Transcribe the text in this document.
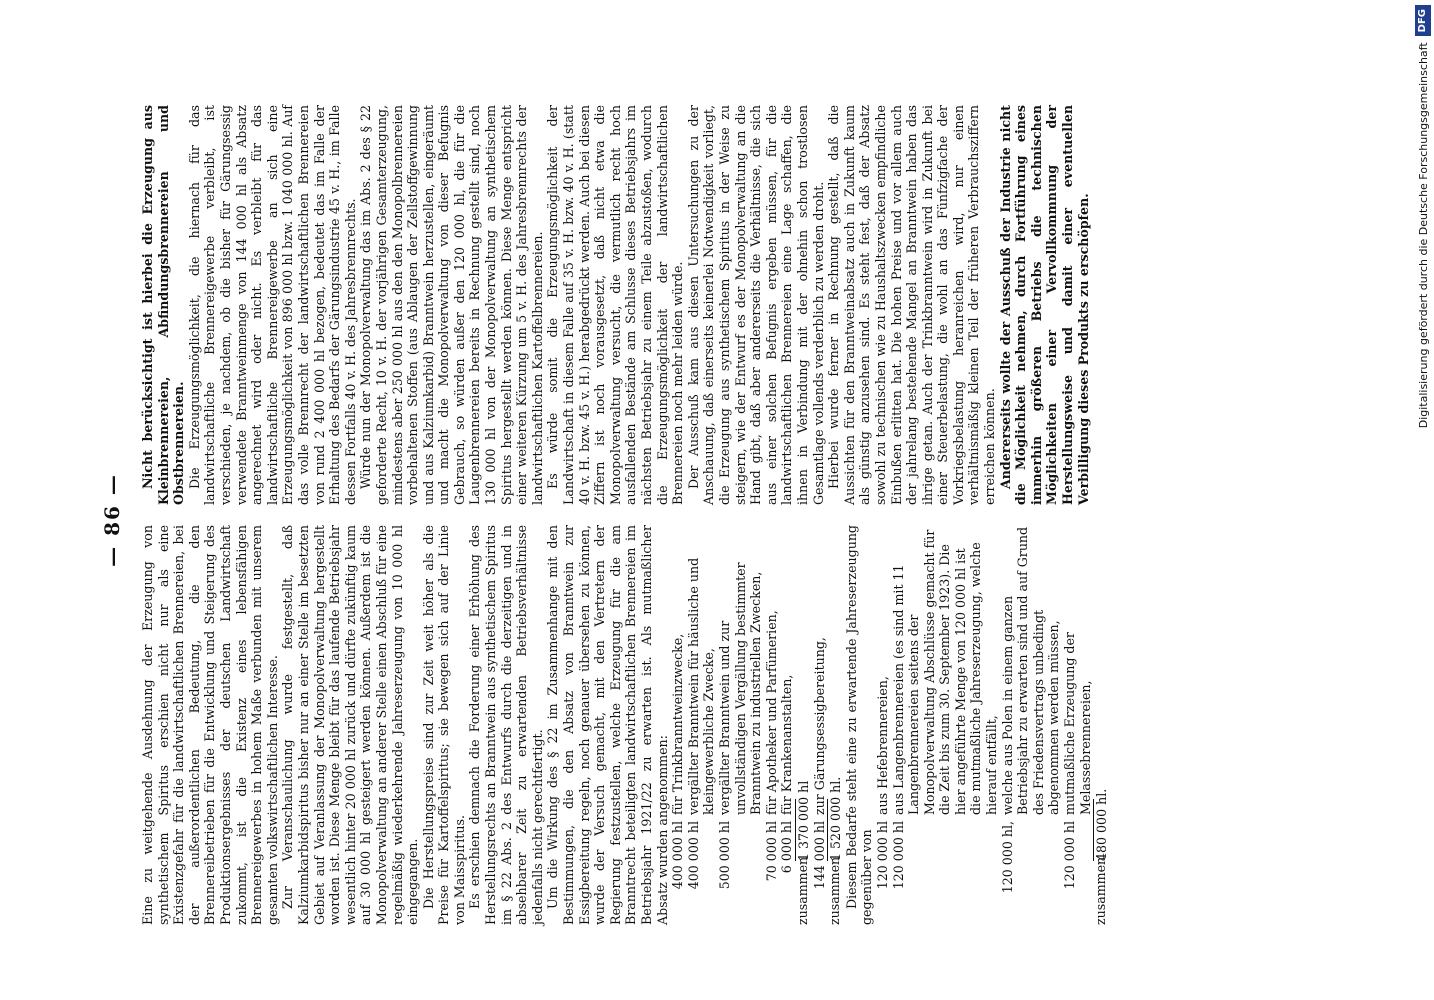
— 86 —

Eine zu weitgehende Ausdehnung der Erzeugung von synthetischem Spiritus erschien nicht nur als eine Existenzgefahr für die landwirtschaftlichen Brennereien, bei der außerordentlichen Bedeutung, die den Brennereibetrieben für die Entwicklung und Steigerung des Produktionsergebnisses der deutschen Landwirtschaft zukommt, ist die Existenz eines lebensfähigen Brennereigewerbes in hohem Maße verbunden mit unserem gesamten volkswirtschaftlichen Interesse. Zur Veranschaulichung wurde festgestellt, daß Kalziumkarbidspiritus bisher nur an einer Stelle im besetzten Gebiet auf Veranlassung der Monopolverwaltung hergestellt worden ist. Diese Menge bleibt für das laufende Betriebsjahr wesentlich hinter 20 000 hl zurück und dürfte zukünftig kaum auf 30 000 hl gesteigert werden können. Außerdem ist die Monopolverwaltung an anderer Stelle einen Abschluß für eine regelmäßig wiederkehrende Jahreserzeugung von 10 000 hl eingegangen. Die Herstellungspreise sind zur Zeit weit höher als die Preise für Kartoffelspiritus; sie bewegen sich auf der Linie von Maisspiritus. Es erschien demnach die Forderung einer Erhöhung des Herstellungsrechts an Branntwein aus synthetischem Spiritus im § 22 Abs. 2 des Entwurfs durch die derzeitigen und in absehbarer Zeit zu erwartenden Betriebsverhältnisse jedenfalls nicht gerechtfertigt. Um die Wirkung des § 22 im Zusammenhange mit den Bestimmungen, die den Absatz von Branntwein zur Essigbereitung regeln, noch genauer übersehen zu können, wurde der Versuch gemacht, mit den Vertretern der Regierung festzustellen, welche Erzeugung für die am Branntrecht beteiligten landwirtschaftlichen Brennereien im Betriebsjahr 1921/22 zu erwarten ist. Als mutmaßlicher Absatz wurden angenommen: 400 000 hl
für Trinkbranntweinzwecke,
400 000 hl
vergällter Branntwein für häusliche und kleingewerbliche Zwecke,
500 000 hl
vergällter Branntwein und zur unvollständigen Vergällung bestimmter Branntwein zu industriellen Zwecken,
70 000 hl
für Apotheker und Parfümerien,
6 000 hl
für Krankenanstalten,
zusammen
1 370 000 hl 144 000 hl
zur Gärungsessigbereitung,
zusammen
1 520 000 hl. Diesem Bedarfe steht eine zu erwartende Jahreserzeugung gegenüber von 120 000 hl
aus Hefebrennereien,
120 000 hl
aus Langenbrennereien (es sind mit 11 Langenbrennereien seitens der Monopolverwaltung Abschlüsse gemacht für die Zeit bis zum 30. September 1923). Die hier angeführte Menge von 120 000 hl ist die mutmaßliche Jahreserzeugung, welche hierauf entfällt,
120 000 hl,
welche aus Polen in einem ganzen Betriebsjahr zu erwarten sind und auf Grund des Friedensvertrags unbedingt abgenommen werden müssen,
120 000 hl
mutmaßliche Erzeugung der Melassebrennereien,
zusammen
480 000 hl.

Nicht berücksichtigt ist hierbei die Erzeugung aus Kleinbrennereien, Abfindungsbrennereien und Obstbrennereien. Die Erzeugungsmöglichkeit, die hiernach für das landwirtschaftliche Brennereigewerbe verbleibt, ist verschieden, je nachdem, ob die bisher für Gärungsessig verwendete Branntweinmenge von 144 000 hl als Absatz angerechnet wird oder nicht. Es verbleibt für das landwirtschaftliche Brennereigewerbe an sich eine Erzeugungsmöglichkeit von 896 000 hl bzw. 1 040 000 hl. Auf das volle Brennrecht der landwirtschaftlichen Brennereien von rund 2 400 000 hl bezogen, bedeutet das im Falle der Erhaltung des Bedarfs der Gärungsindustrie 45 v. H., im Falle dessen Fortfalls 40 v. H. des Jahresbrennrechts. Würde nun der Monopolverwaltung das im Abs. 2 des § 22 geforderte Recht, 10 v. H. der vorjährigen Gesamterzeugung, mindestens aber 250 000 hl aus den den Monopolbrennereien vorbehaltenen Stoffen (aus Ablaugen der Zellstoffgewinnung und aus Kalziumkarbid) Branntwein herzustellen, eingeräumt und macht die Monopolverwaltung von dieser Befugnis Gebrauch, so würden außer den 120 000 hl, die für die Laugenbrennereien bereits in Rechnung gestellt sind, noch 130 000 hl von der Monopolverwaltung an synthetischem Spiritus hergestellt werden können. Diese Menge entspricht einer weiteren Kürzung um 5 v. H. des Jahresbrennrechts der landwirtschaftlichen Kartoffelbrennereien. Es würde somit die Erzeugungsmöglichkeit der Landwirtschaft in diesem Falle auf 35 v. H. bzw. 40 v. H. (statt 40 v. H. bzw. 45 v. H.) herabgedrückt werden. Auch bei diesen Ziffern ist noch vorausgesetzt, daß nicht etwa die Monopolverwaltung versucht, die vermutlich recht hoch ausfallenden Bestände am Schlusse dieses Betriebsjahrs im nächsten Betriebsjahr zu einem Teile abzustoßen, wodurch die Erzeugungsmöglichkeit der landwirtschaftlichen Brennereien noch mehr leiden würde. Der Ausschuß kam aus diesen Untersuchungen zu der Anschauung, daß einerseits keinerlei Notwendigkeit vorliegt, die Erzeugung aus synthetischem Spiritus in der Weise zu steigern, wie der Entwurf es der Monopolverwaltung an die Hand gibt, daß aber andererseits die Verhältnisse, die sich aus einer solchen Befugnis ergeben müssen, für die landwirtschaftlichen Brennereien eine Lage schaffen, die ihnen in Verbindung mit der ohnehin schon trostlosen Gesamtlage vollends verderblich zu werden droht. Hierbei wurde ferner in Rechnung gestellt, daß die Aussichten für den Branntweinabsatz auch in Zukunft kaum als günstig anzusehen sind. Es steht fest, daß der Absatz sowohl zu technischen wie zu Haushaltszwecken empfindliche Einbußen erlitten hat. Die hohen Preise und vor allem auch der jahrelang bestehende Mangel an Branntwein haben das ihrige getan. Auch der Trinkbranntwein wird in Zukunft bei einer Steuerbelastung, die wohl an das Fünfzigfache der Vorkriegsbelastung heranreichen wird, nur einen verhältnismäßig kleinen Teil der früheren Verbrauchsziffern erreichen können. Andererseits wollte der Ausschuß der Industrie nicht die Möglichkeit nehmen, durch Fortführung eines immerhin größeren Betriebs die technischen Möglichkeiten einer Vervollkommnung der Herstellungsweise und damit einer eventuellen Verbilligung dieses Produkts zu erschöpfen.	Digitalisierung gefördert durch die Deutsche Forschungsgemeinschaft
DFG
